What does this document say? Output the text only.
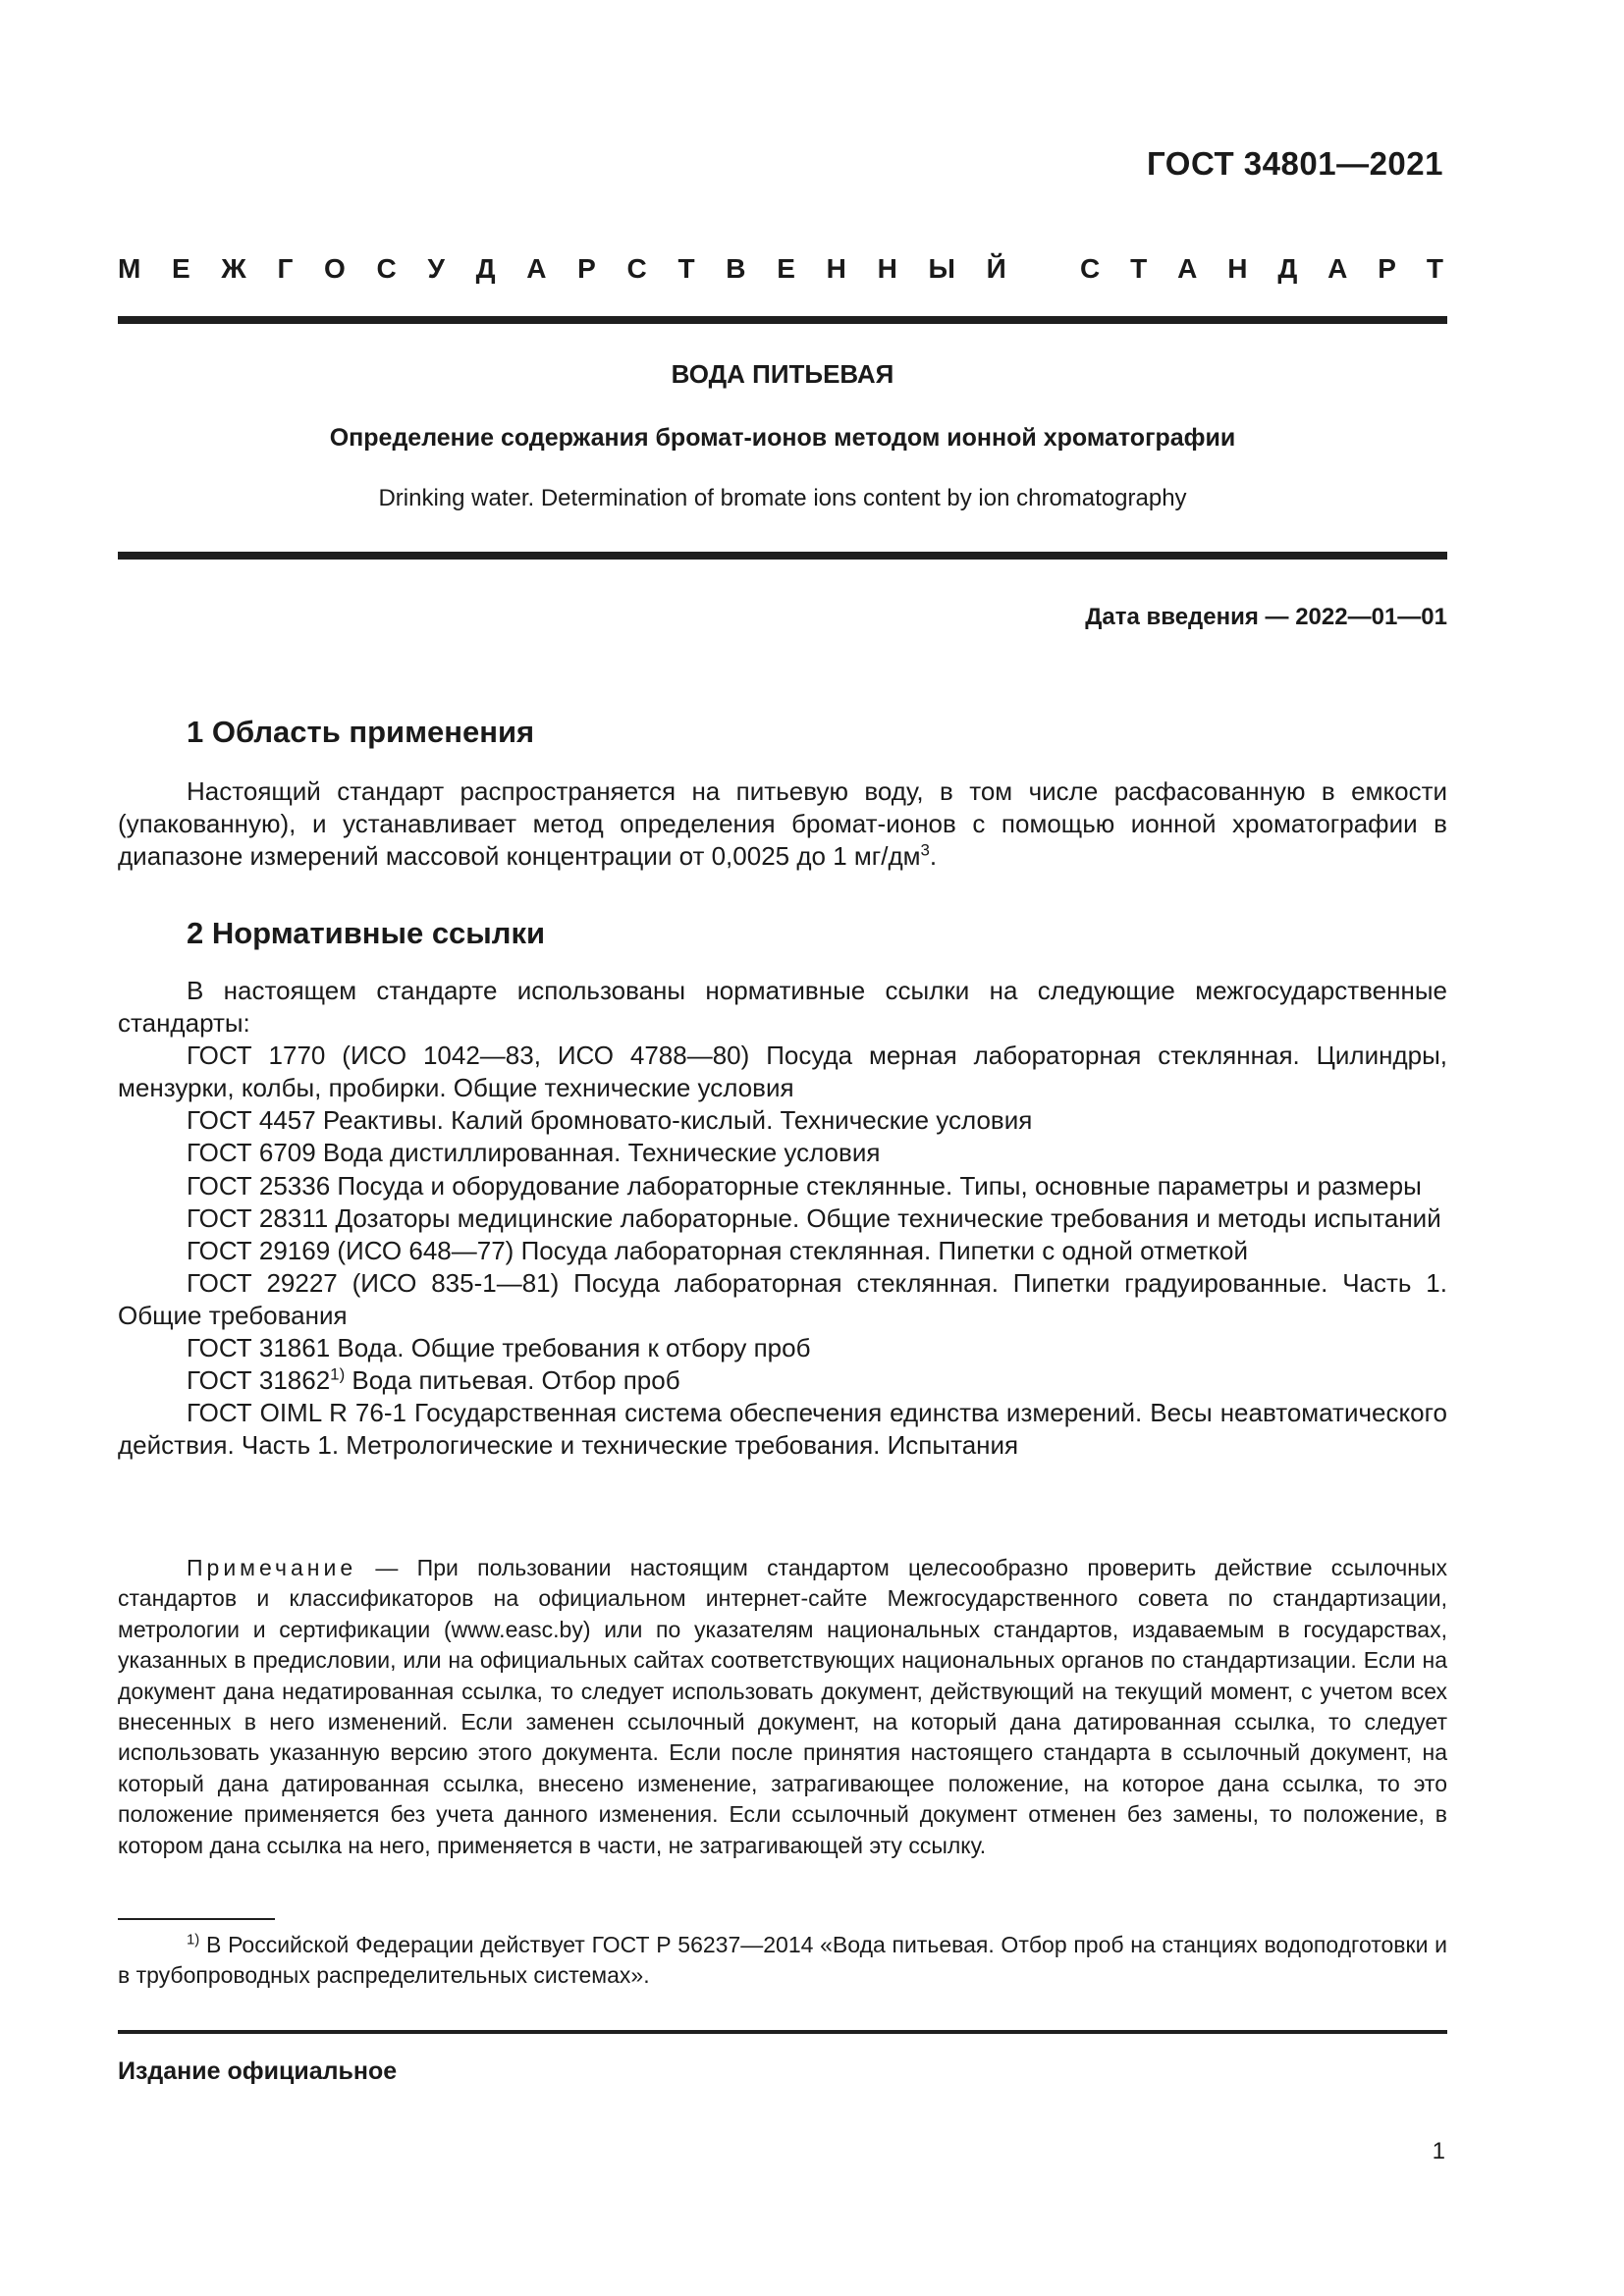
ГОСТ 34801—2021
М Е Ж Г О С У Д А Р С Т В Е Н Н Ы Й	С Т А Н Д А Р Т
ВОДА ПИТЬЕВАЯ
Определение содержания бромат-ионов методом ионной хроматографии
Drinking water. Determination of bromate ions content by ion chromatography
Дата введения — 2022—01—01
1 Область применения
Настоящий стандарт распространяется на питьевую воду, в том числе расфасованную в емкости (упакованную), и устанавливает метод определения бромат-ионов с помощью ионной хроматографии в диапазоне измерений массовой концентрации от 0,0025 до 1 $мг/дм^3$.
2 Нормативные ссылки

В настоящем стандарте использованы нормативные ссылки на следующие межгосударственные стандарты:

ГОСТ 1770 (ИСО 1042—83, ИСО 4788—80) Посуда мерная лабораторная стеклянная. Цилиндры, мензурки, колбы, пробирки. Общие технические условия

ГОСТ 4457 Реактивы. Калий бромновато-кислый. Технические условия

ГОСТ 6709 Вода дистиллированная. Технические условия

ГОСТ 25336 Посуда и оборудование лабораторные стеклянные. Типы, основные параметры и размеры

ГОСТ 28311 Дозаторы медицинские лабораторные. Общие технические требования и методы испытаний

ГОСТ 29169 (ИСО 648—77) Посуда лабораторная стеклянная. Пипетки с одной отметкой

ГОСТ 29227 (ИСО 835-1—81) Посуда лабораторная стеклянная. Пипетки градуированные. Часть 1. Общие требования

ГОСТ 31861 Вода. Общие требования к отбору проб

ГОСТ 31862$^{1)}$ Вода питьевая. Отбор проб

ГОСТ OIML R 76-1 Государственная система обеспечения единства измерений. Весы неавтоматического действия. Часть 1. Метрологические и технические требования. Испытания

Примечание — При пользовании настоящим стандартом целесообразно проверить действие ссылочных стандартов и классификаторов на официальном интернет-сайте Межгосударственного совета по стандартизации, метрологии и сертификации (www.easc.by) или по указателям национальных стандартов, издаваемым в государствах, указанных в предисловии, или на официальных сайтах соответствующих национальных органов по стандартизации. Если на документ дана недатированная ссылка, то следует использовать документ, действующий на текущий момент, с учетом всех внесенных в него изменений. Если заменен ссылочный документ, на который дана датированная ссылка, то следует использовать указанную версию этого документа. Если после принятия настоящего стандарта в ссылочный документ, на который дана датированная ссылка, внесено изменение, затрагивающее положение, на которое дана ссылка, то это положение применяется без учета данного изменения. Если ссылочный документ отменен без замены, то положение, в котором дана ссылка на него, применяется в части, не затрагивающей эту ссылку.
$^{1)}$ В Российской Федерации действует ГОСТ Р 56237—2014 «Вода питьевая. Отбор проб на станциях водоподготовки и в трубопроводных распределительных системах».
Издание официальное
1
